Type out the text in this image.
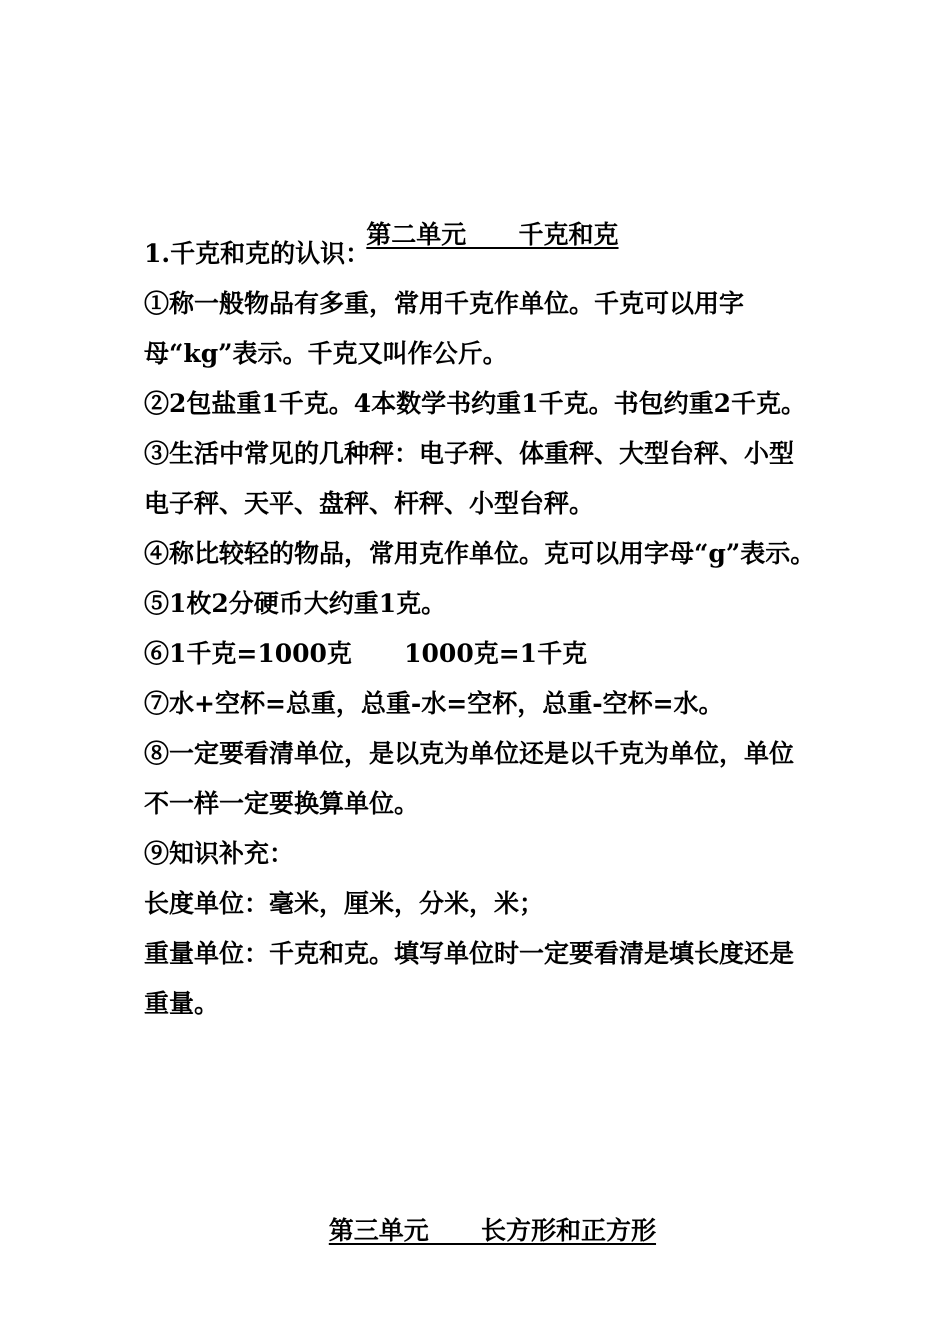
第二单元      千克和克

1.千克和克的认识：

①称一般物品有多重，常用千克作单位。千克可以用字母“kg”表示。千克又叫作公斤。

②2包盐重1千克。4本数学书约重1千克。书包约重2千克。

③生活中常见的几种秤：电子秤、体重秤、大型台秤、小型电子秤、天平、盘秤、杆秤、小型台秤。

④称比较轻的物品，常用克作单位。克可以用字母“g”表示。

⑤1枚2分硬币大约重1克。

⑥1千克=1000克      1000克=1千克

⑦水+空杯=总重，总重-水=空杯，总重-空杯=水。

⑧一定要看清单位，是以克为单位还是以千克为单位，单位不一样一定要换算单位。

⑨知识补充：

长度单位：毫米，厘米，分米，米；

重量单位：千克和克。填写单位时一定要看清是填长度还是重量。

第三单元      长方形和正方形
